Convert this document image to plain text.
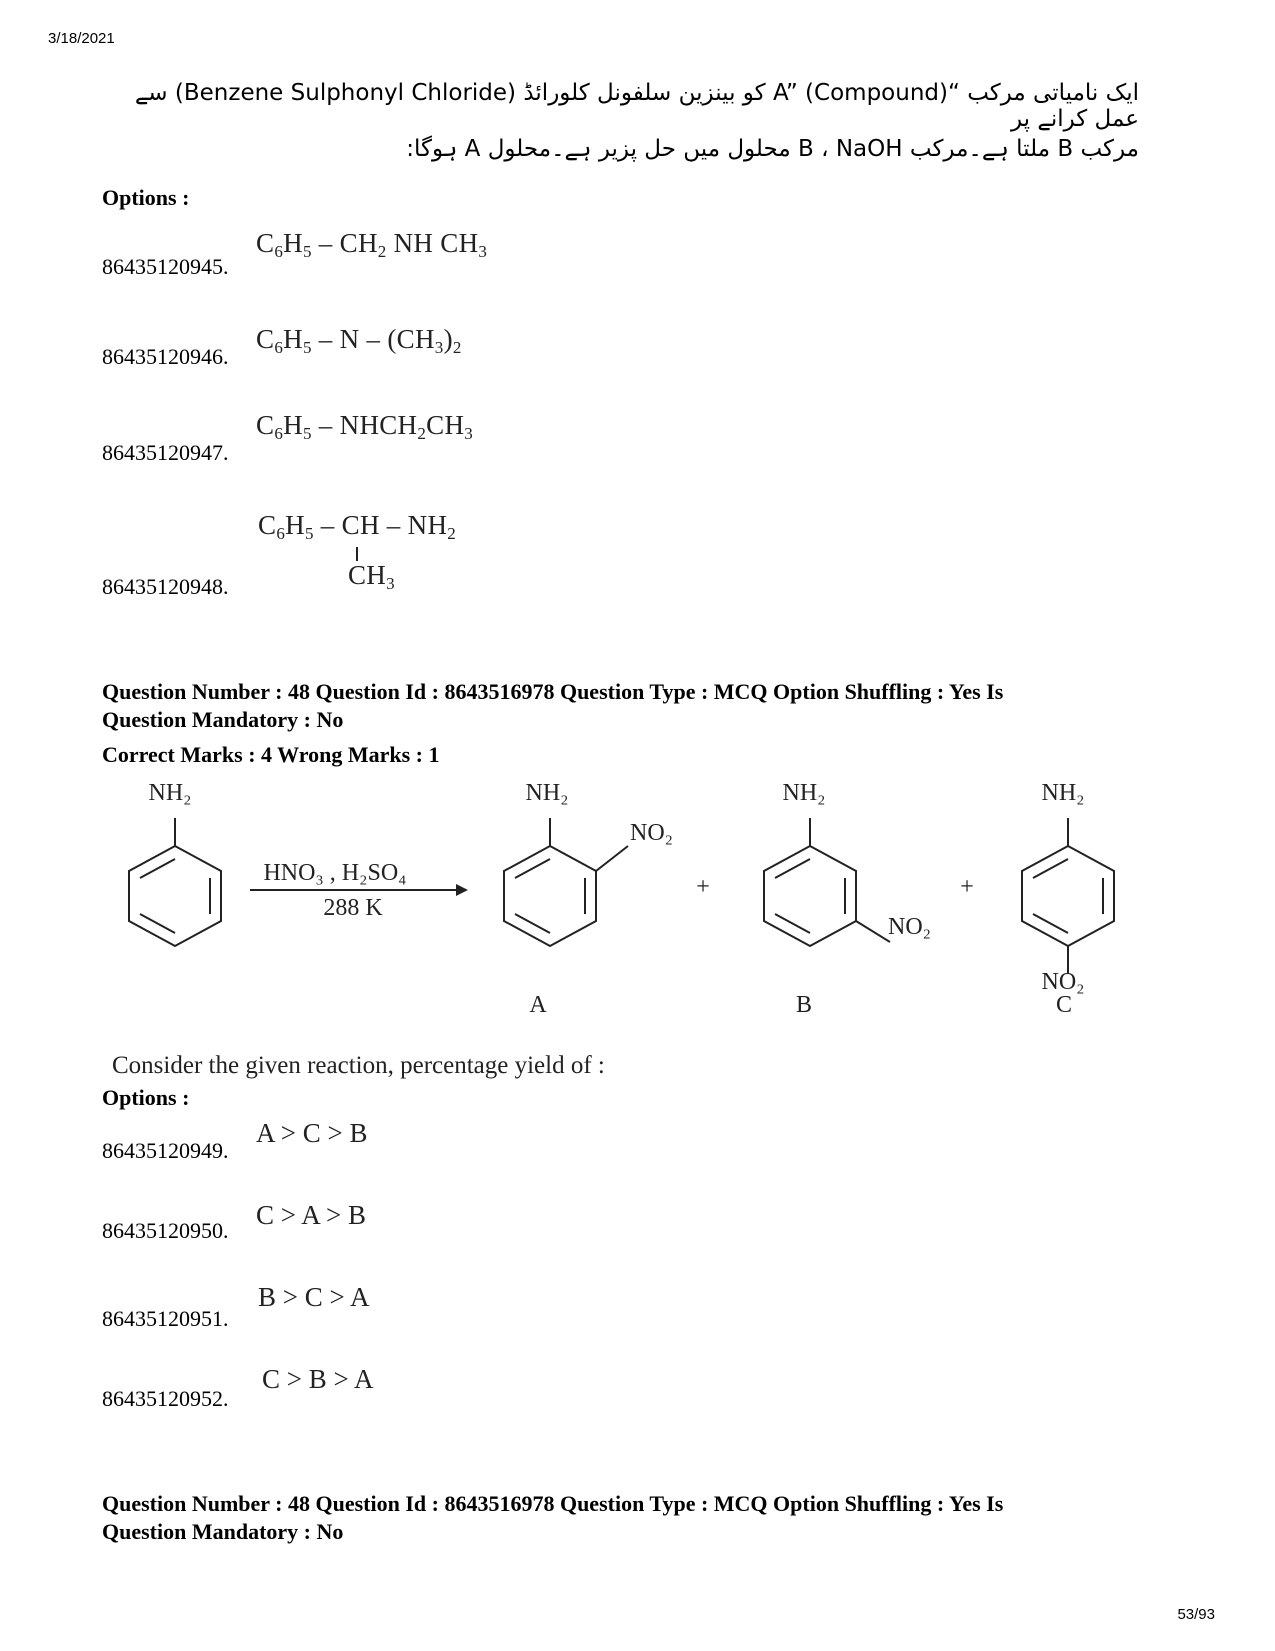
3/18/2021
ایک نامیاتی مرکب “A” (Compound) کو بینزین سلفونل کلورائڈ (Benzene Sulphonyl Chloride) سے عمل کرانے پر
مرکب B ملتا ہے۔مرکب B ، NaOH محلول میں حل پزیر ہے۔محلول A ہوگا:
Options :
86435120945.
$C_6H_5 - CH_2$ NH $CH_3$
86435120946.
$C_6H_5$ – N – $(CH_3)_2$
86435120947.
$C_6H_5$ – $NHCH_2CH_3$
86435120948.
$C_6H_5$ – CH – $NH_2$
$CH_3$
Question Number : 48 Question Id : 8643516978 Question Type : MCQ Option Shuffling : Yes Is
Question Mandatory : No
Correct Marks : 4 Wrong Marks : 1
NH₂
HNO₃ , H₂SO₄
288 K
NH₂
NO₂
NH₂
NO₂
NH₂
NO₂
+	+
A	B	C
Consider the given reaction, percentage yield of :
Options :
86435120949.
A > C > B
86435120950.
C > A > B
86435120951.
B > C > A
86435120952.
C > B > A
Question Number : 48 Question Id : 8643516978 Question Type : MCQ Option Shuffling : Yes Is
Question Mandatory : No
53/93
